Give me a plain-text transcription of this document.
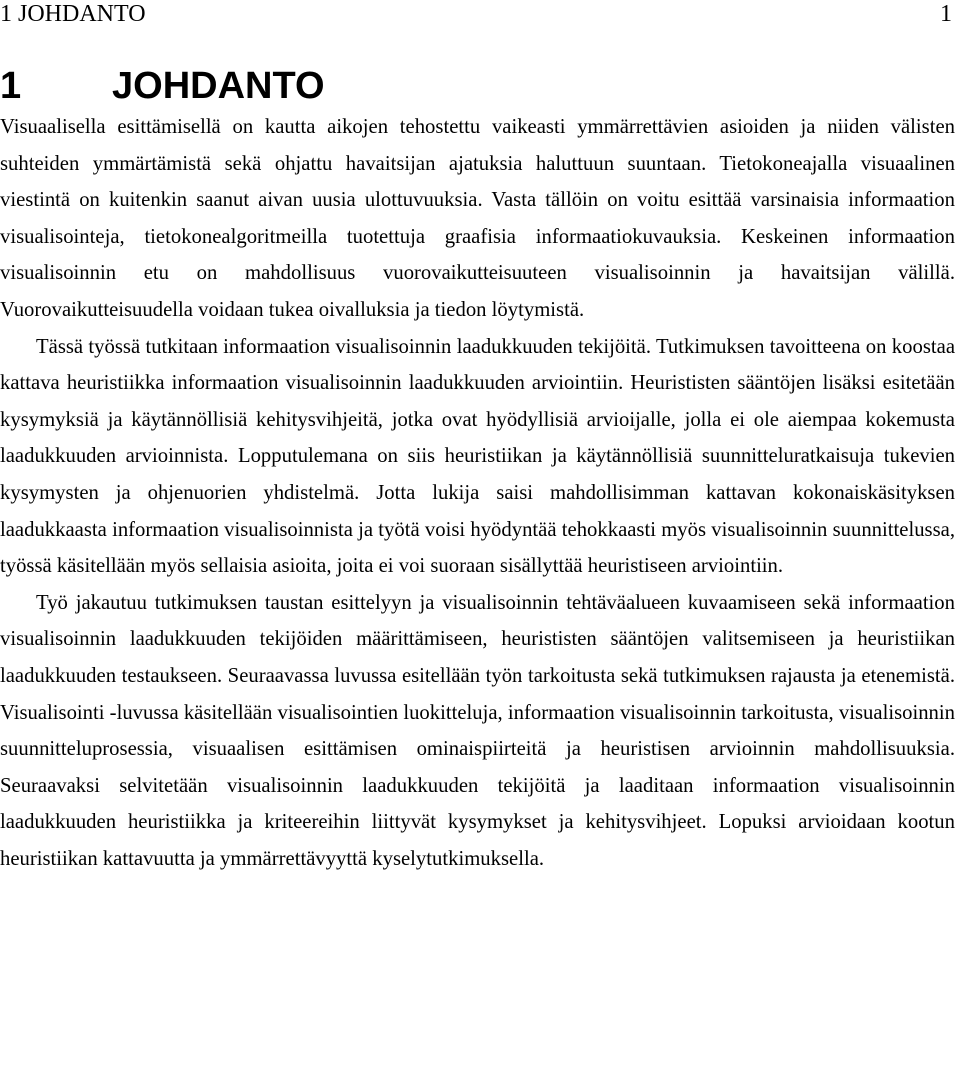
1 JOHDANTO	1
1 JOHDANTO

Visuaalisella esittämisellä on kautta aikojen tehostettu vaikeasti ymmärrettävien asioiden ja niiden välisten suhteiden ymmärtämistä sekä ohjattu havaitsijan ajatuksia haluttuun suuntaan. Tietokoneajalla visuaalinen viestintä on kuitenkin saanut aivan uusia ulottuvuuksia. Vasta tällöin on voitu esittää varsinaisia informaation visualisointeja, tietokonealgoritmeilla tuotettuja graafisia informaatiokuvauksia. Keskeinen informaation visualisoinnin etu on mahdollisuus vuorovaikutteisuuteen visualisoinnin ja havaitsijan välillä. Vuorovaikutteisuudella voidaan tukea oivalluksia ja tiedon löytymistä.

Tässä työssä tutkitaan informaation visualisoinnin laadukkuuden tekijöitä. Tutkimuksen tavoitteena on koostaa kattava heuristiikka informaation visualisoinnin laadukkuuden arviointiin. Heurististen sääntöjen lisäksi esitetään kysymyksiä ja käytännöllisiä kehitysvihjeitä, jotka ovat hyödyllisiä arvioijalle, jolla ei ole aiempaa kokemusta laadukkuuden arvioinnista. Lopputulemana on siis heuristiikan ja käytännöllisiä suunnitteluratkaisuja tukevien kysymysten ja ohjenuorien yhdistelmä. Jotta lukija saisi mahdollisimman kattavan kokonaiskäsityksen laadukkaasta informaation visualisoinnista ja työtä voisi hyödyntää tehokkaasti myös visualisoinnin suunnittelussa, työssä käsitellään myös sellaisia asioita, joita ei voi suoraan sisällyttää heuristiseen arviointiin.

Työ jakautuu tutkimuksen taustan esittelyyn ja visualisoinnin tehtäväalueen kuvaamiseen sekä informaation visualisoinnin laadukkuuden tekijöiden määrittämiseen, heurististen sääntöjen valitsemiseen ja heuristiikan laadukkuuden testaukseen. Seuraavassa luvussa esitellään työn tarkoitusta sekä tutkimuksen rajausta ja etenemistä. Visualisointi -luvussa käsitellään visualisointien luokitteluja, informaation visualisoinnin tarkoitusta, visualisoinnin suunnitteluprosessia, visuaalisen esittämisen ominaispiirteitä ja heuristisen arvioinnin mahdollisuuksia. Seuraavaksi selvitetään visualisoinnin laadukkuuden tekijöitä ja laaditaan informaation visualisoinnin laadukkuuden heuristiikka ja kriteereihin liittyvät kysymykset ja kehitysvihjeet. Lopuksi arvioidaan kootun heuristiikan kattavuutta ja ymmärrettävyyttä kyselytutkimuksella.
